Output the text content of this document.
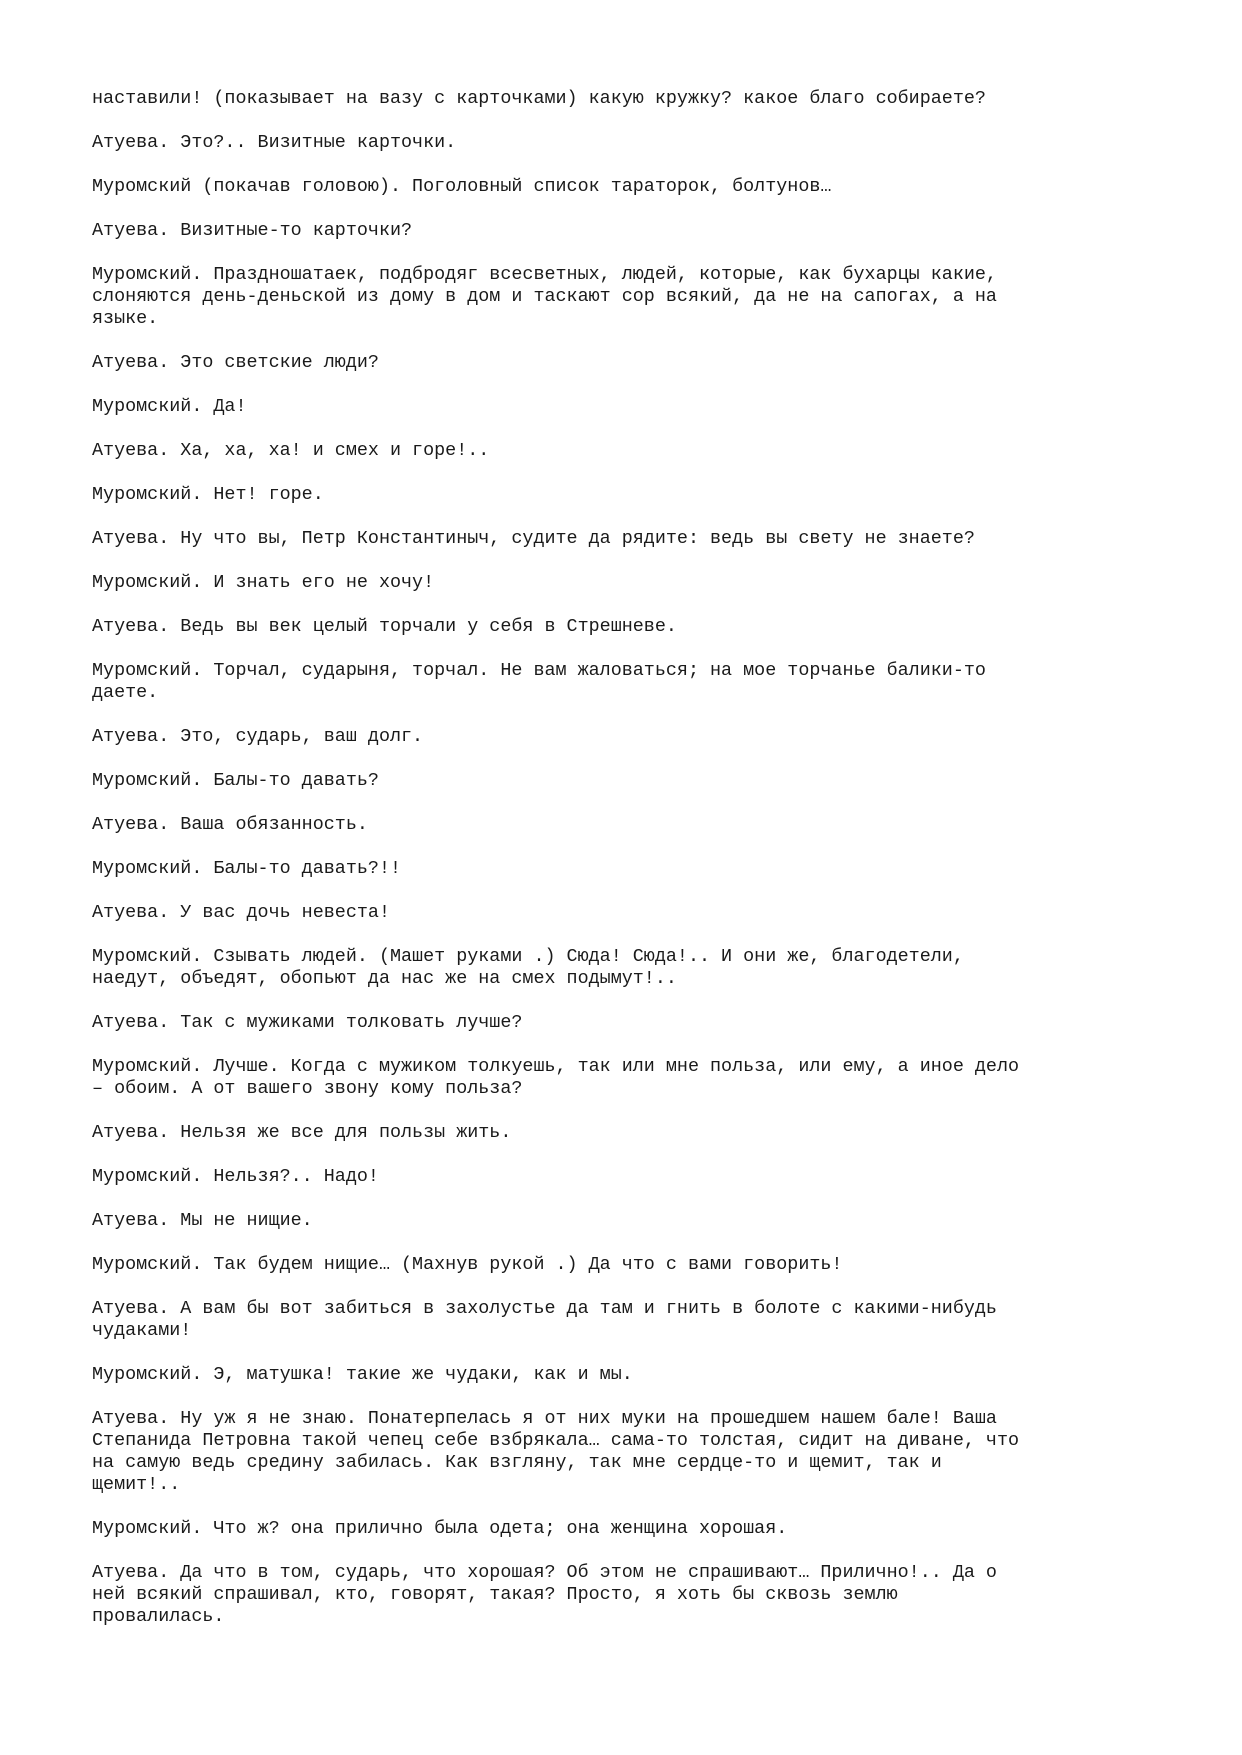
наставили! (показывает на вазу с карточками) какую кружку? какое благо собираете?

Атуева. Это?.. Визитные карточки.

Муромский (покачав головою). Поголовный список тараторок, болтунов…

Атуева. Визитные-то карточки?

Муромский. Празднoшатаек, подбродяг всесветных, людей, которые, как бухарцы какие,
слоняются день-деньской из дому в дом и таскают сор всякий, да не на сапогах, а на
языке.

Атуева. Это светские люди?

Муромский. Да!

Атуева. Ха, ха, ха! и смех и горе!..

Муромский. Нет! горе.

Атуева. Ну что вы, Петр Константиныч, судите да рядите: ведь вы свету не знаете?

Муромский. И знать его не хочу!

Атуева. Ведь вы век целый торчали у себя в Стрешневе.

Муромский. Торчал, сударыня, торчал. Не вам жаловаться; на мое торчанье балики-то
даете.

Атуева. Это, сударь, ваш долг.

Муромский. Балы-то давать?

Атуева. Ваша обязанность.

Муромский. Балы-то давать?!!

Атуева. У вас дочь невеста!

Муромский. Сзывать людей. (Машет руками .) Сюда! Сюда!.. И они же, благодетели,
наедут, объедят, обопьют да нас же на смех подымут!..

Атуева. Так с мужиками толковать лучше?

Муромский. Лучше. Когда с мужиком толкуешь, так или мне польза, или ему, а иное дело
– обоим. А от вашего звону кому польза?

Атуева. Нельзя же все для пользы жить.

Муромский. Нельзя?.. Надо!

Атуева. Мы не нищие.

Муромский. Так будем нищие… (Махнув рукой .) Да что с вами говорить!

Атуева. А вам бы вот забиться в захолустье да там и гнить в болоте с какими-нибудь
чудаками!

Муромский. Э, матушка! такие же чудаки, как и мы.

Атуева. Ну уж я не знаю. Понатерпелась я от них муки на прошедшем нашем бале! Ваша
Степанида Петровна такой чепец себе взбрякала… сама-то толстая, сидит на диване, что
на самую ведь средину забилась. Как взгляну, так мне сердце-то и щемит, так и
щемит!..

Муромский. Что ж? она прилично была одета; она женщина хорошая.

Атуева. Да что в том, сударь, что хорошая? Об этом не спрашивают… Прилично!.. Да о
ней всякий спрашивал, кто, говорят, такая? Просто, я хоть бы сквозь землю
провалилась.
